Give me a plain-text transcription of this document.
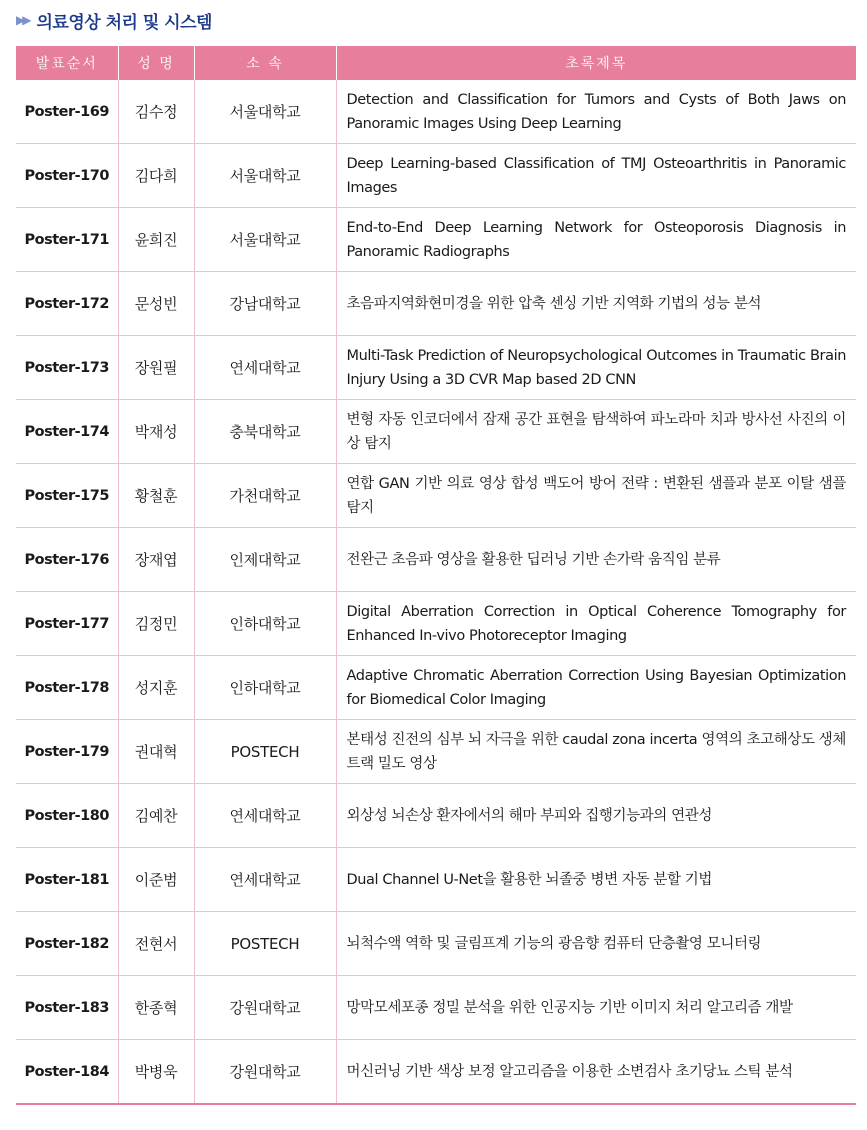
▶▶ 의료영상 처리 및 시스템
발표순서	성 명	소 속	초록제목
Poster-169	김수정	서울대학교	Detection and Classification for Tumors and Cysts of Both Jaws on Panoramic Images Using Deep Learning
Poster-170	김다희	서울대학교	Deep Learning-based Classification of TMJ Osteoarthritis in Panoramic Images
Poster-171	윤희진	서울대학교	End-to-End Deep Learning Network for Osteoporosis Diagnosis in Panoramic Radiographs
Poster-172	문성빈	강남대학교	초음파지역화현미경을 위한 압축 센싱 기반 지역화 기법의 성능 분석
Poster-173	장원필	연세대학교	Multi-Task Prediction of Neuropsychological Outcomes in Traumatic Brain Injury Using a 3D CVR Map based 2D CNN
Poster-174	박재성	충북대학교	변형 자동 인코더에서 잠재 공간 표현을 탐색하여 파노라마 치과 방사선 사진의 이상 탐지
Poster-175	황철훈	가천대학교	연합 GAN 기반 의료 영상 합성 백도어 방어 전략 : 변환된 샘플과 분포 이탈 샘플 탐지
Poster-176	장재엽	인제대학교	전완근 초음파 영상을 활용한 딥러닝 기반 손가락 움직임 분류
Poster-177	김정민	인하대학교	Digital Aberration Correction in Optical Coherence Tomography for Enhanced In-vivo Photoreceptor Imaging
Poster-178	성지훈	인하대학교	Adaptive Chromatic Aberration Correction Using Bayesian Optimization for Biomedical Color Imaging
Poster-179	권대혁	POSTECH	본태성 진전의 심부 뇌 자극을 위한 caudal zona incerta 영역의 초고해상도 생체 트랙 밀도 영상
Poster-180	김예찬	연세대학교	외상성 뇌손상 환자에서의 해마 부피와 집행기능과의 연관성
Poster-181	이준범	연세대학교	Dual Channel U-Net을 활용한 뇌졸중 병변 자동 분할 기법
Poster-182	전현서	POSTECH	뇌척수액 역학 및 글림프계 기능의 광음향 컴퓨터 단층촬영 모니터링
Poster-183	한종혁	강원대학교	망막모세포종 정밀 분석을 위한 인공지능 기반 이미지 처리 알고리즘 개발
Poster-184	박병욱	강원대학교	머신러닝 기반 색상 보정 알고리즘을 이용한 소변검사 초기당뇨 스틱 분석
